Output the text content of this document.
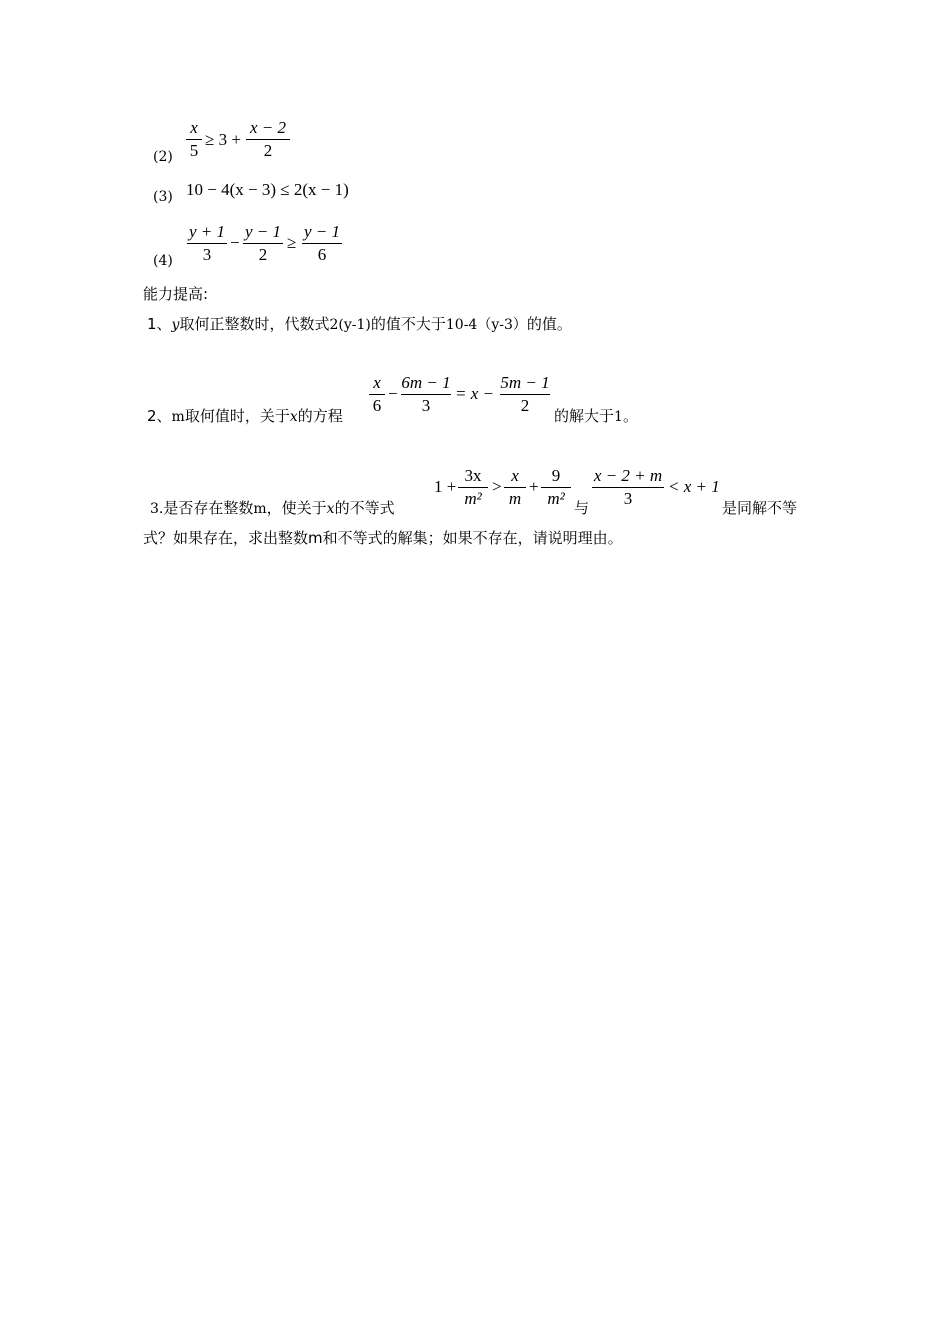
(2)
x
5
≥ 3 +
x − 2
2
(3) 10 − 4(x − 3) ≤ 2(x − 1)
(4)
y + 1
3
−
y − 1
2
≥
y − 1
6
能力提高:
1、y取何正整数时，代数式2(y-1)的值不大于10-4（y-3）的值。
2、m取何值时，关于x的方程
x
6
−
6m − 1
3
= x −
5m − 1
2
的解大于1。
3.是否存在整数m，使关于x的不等式
1 +
3x
m²
>
x
m
+
9
m² 与
x − 2 + m
3
< x + 1
是同解不等
式？如果存在，求出整数m和不等式的解集；如果不存在，请说明理由。
